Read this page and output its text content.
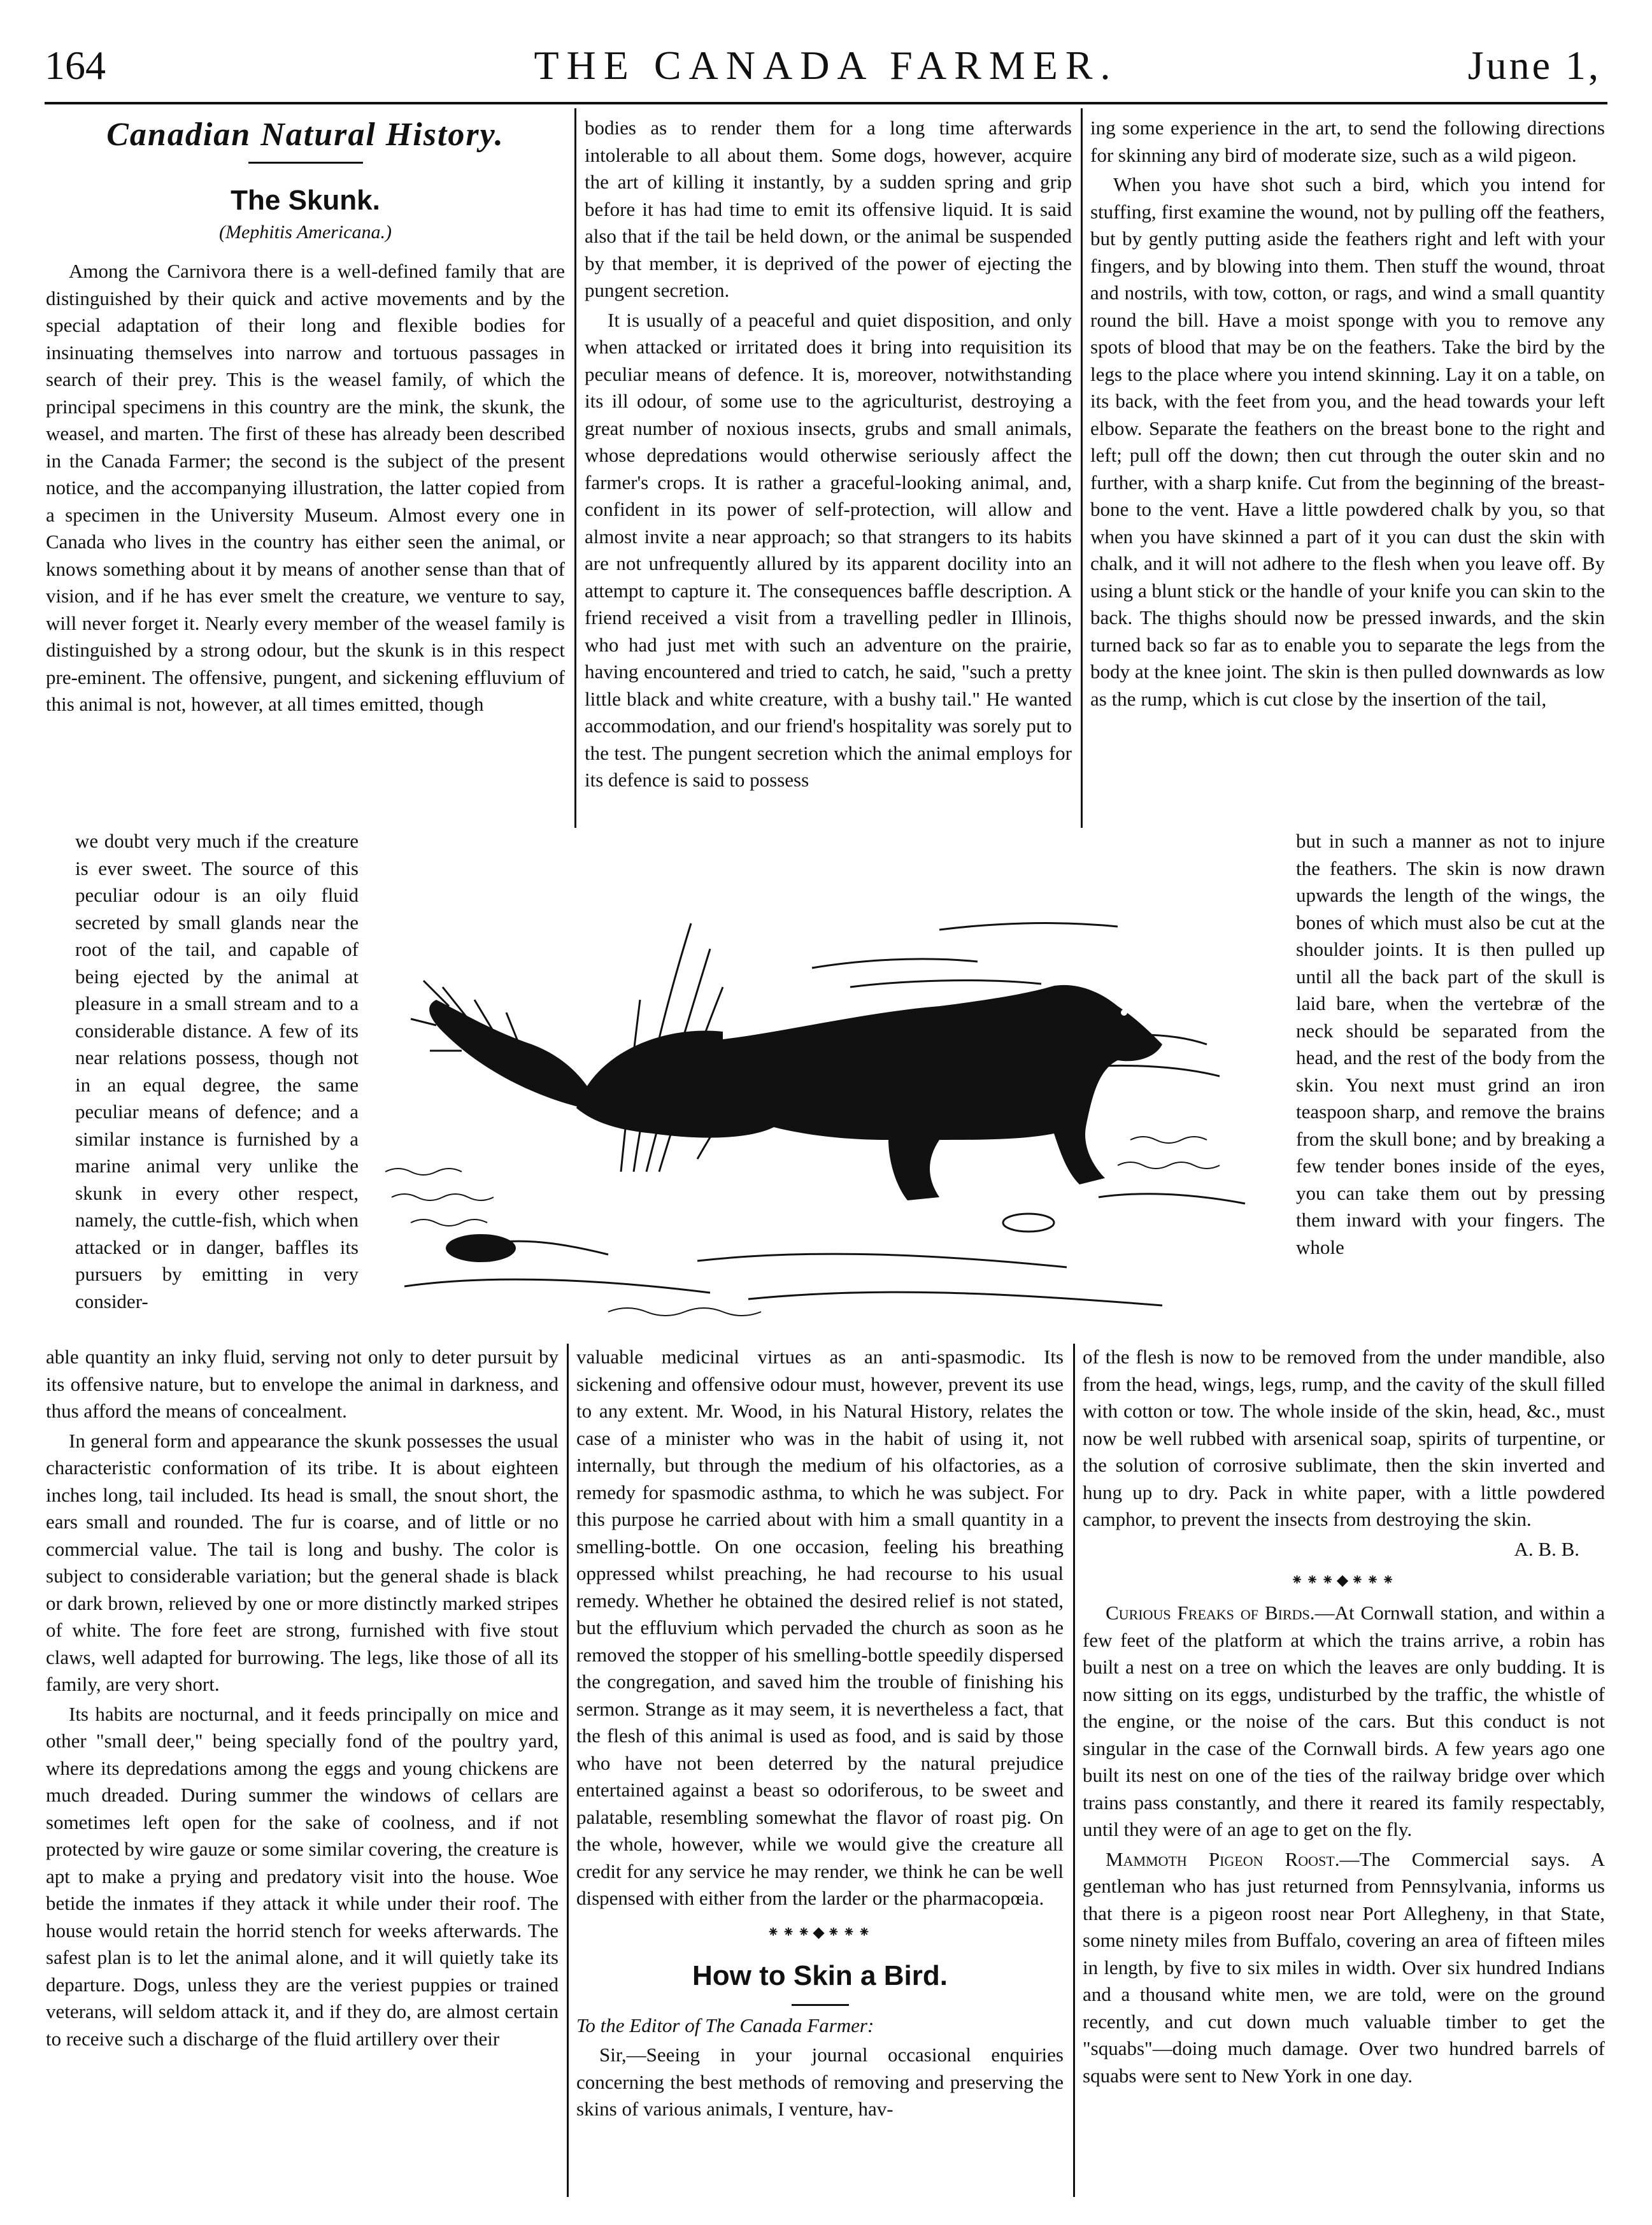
164	THE CANADA FARMER.	June 1,
Canadian Natural History.
The Skunk.
(Mephitis Americana.)

Among the Carnivora there is a well-defined family that are distinguished by their quick and active movements and by the special adaptation of their long and flexible bodies for insinuating themselves into narrow and tortuous passages in search of their prey. This is the weasel family, of which the principal specimens in this country are the mink, the skunk, the weasel, and marten. The first of these has already been described in the Canada Farmer; the second is the subject of the present notice, and the accompanying illustration, the latter copied from a specimen in the University Museum. Almost every one in Canada who lives in the country has either seen the animal, or knows something about it by means of another sense than that of vision, and if he has ever smelt the creature, we venture to say, will never forget it. Nearly every member of the weasel family is distinguished by a strong odour, but the skunk is in this respect pre-eminent. The offensive, pungent, and sickening effluvium of this animal is not, however, at all times emitted, though

bodies as to render them for a long time afterwards intolerable to all about them. Some dogs, however, acquire the art of killing it instantly, by a sudden spring and grip before it has had time to emit its offensive liquid. It is said also that if the tail be held down, or the animal be suspended by that member, it is deprived of the power of ejecting the pungent secretion.

It is usually of a peaceful and quiet disposition, and only when attacked or irritated does it bring into requisition its peculiar means of defence. It is, moreover, notwithstanding its ill odour, of some use to the agriculturist, destroying a great number of noxious insects, grubs and small animals, whose depredations would otherwise seriously affect the farmer's crops. It is rather a graceful-looking animal, and, confident in its power of self-protection, will allow and almost invite a near approach; so that strangers to its habits are not unfrequently allured by its apparent docility into an attempt to capture it. The consequences baffle description. A friend received a visit from a travelling pedler in Illinois, who had just met with such an adventure on the prairie, having encountered and tried to catch, he said, "such a pretty little black and white creature, with a bushy tail." He wanted accommodation, and our friend's hospitality was sorely put to the test. The pungent secretion which the animal employs for its defence is said to possess

ing some experience in the art, to send the following directions for skinning any bird of moderate size, such as a wild pigeon.

When you have shot such a bird, which you intend for stuffing, first examine the wound, not by pulling off the feathers, but by gently putting aside the feathers right and left with your fingers, and by blowing into them. Then stuff the wound, throat and nostrils, with tow, cotton, or rags, and wind a small quantity round the bill. Have a moist sponge with you to remove any spots of blood that may be on the feathers. Take the bird by the legs to the place where you intend skinning. Lay it on a table, on its back, with the feet from you, and the head towards your left elbow. Separate the feathers on the breast bone to the right and left; pull off the down; then cut through the outer skin and no further, with a sharp knife. Cut from the beginning of the breast-bone to the vent. Have a little powdered chalk by you, so that when you have skinned a part of it you can dust the skin with chalk, and it will not adhere to the flesh when you leave off. By using a blunt stick or the handle of your knife you can skin to the back. The thighs should now be pressed inwards, and the skin turned back so far as to enable you to separate the legs from the body at the knee joint. The skin is then pulled downwards as low as the rump, which is cut close by the insertion of the tail,

we doubt very much if the creature is ever sweet. The source of this peculiar odour is an oily fluid secreted by small glands near the root of the tail, and capable of being ejected by the animal at pleasure in a small stream and to a considerable distance. A few of its near relations possess, though not in an equal degree, the same peculiar means of defence; and a similar instance is furnished by a marine animal very unlike the skunk in every other respect, namely, the cuttle-fish, which when attacked or in danger, baffles its pursuers by emitting in very consider-

but in such a manner as not to injure the feathers. The skin is now drawn upwards the length of the wings, the bones of which must also be cut at the shoulder joints. It is then pulled up until all the back part of the skull is laid bare, when the vertebræ of the neck should be separated from the head, and the rest of the body from the skin. You next must grind an iron teaspoon sharp, and remove the brains from the skull bone; and by breaking a few tender bones inside of the eyes, you can take them out by pressing them inward with your fingers. The whole

able quantity an inky fluid, serving not only to deter pursuit by its offensive nature, but to envelope the animal in darkness, and thus afford the means of concealment.

In general form and appearance the skunk possesses the usual characteristic conformation of its tribe. It is about eighteen inches long, tail included. Its head is small, the snout short, the ears small and rounded. The fur is coarse, and of little or no commercial value. The tail is long and bushy. The color is subject to considerable variation; but the general shade is black or dark brown, relieved by one or more distinctly marked stripes of white. The fore feet are strong, furnished with five stout claws, well adapted for burrowing. The legs, like those of all its family, are very short.

Its habits are nocturnal, and it feeds principally on mice and other "small deer," being specially fond of the poultry yard, where its depredations among the eggs and young chickens are much dreaded. During summer the windows of cellars are sometimes left open for the sake of coolness, and if not protected by wire gauze or some similar covering, the creature is apt to make a prying and predatory visit into the house. Woe betide the inmates if they attack it while under their roof. The house would retain the horrid stench for weeks afterwards. The safest plan is to let the animal alone, and it will quietly take its departure. Dogs, unless they are the veriest puppies or trained veterans, will seldom attack it, and if they do, are almost certain to receive such a discharge of the fluid artillery over their

valuable medicinal virtues as an anti-spasmodic. Its sickening and offensive odour must, however, prevent its use to any extent. Mr. Wood, in his Natural History, relates the case of a minister who was in the habit of using it, not internally, but through the medium of his olfactories, as a remedy for spasmodic asthma, to which he was subject. For this purpose he carried about with him a small quantity in a smelling-bottle. On one occasion, feeling his breathing oppressed whilst preaching, he had recourse to his usual remedy. Whether he obtained the desired relief is not stated, but the effluvium which pervaded the church as soon as he removed the stopper of his smelling-bottle speedily dispersed the congregation, and saved him the trouble of finishing his sermon. Strange as it may seem, it is nevertheless a fact, that the flesh of this animal is used as food, and is said by those who have not been deterred by the natural prejudice entertained against a beast so odoriferous, to be sweet and palatable, resembling somewhat the flavor of roast pig. On the whole, however, while we would give the creature all credit for any service he may render, we think he can be well dispensed with either from the larder or the pharmacopœia.

⁕⁕⁕◆⁕⁕⁕
How to Skin a Bird.

To the Editor of The Canada Farmer:

Sir,—Seeing in your journal occasional enquiries concerning the best methods of removing and preserving the skins of various animals, I venture, hav-

of the flesh is now to be removed from the under mandible, also from the head, wings, legs, rump, and the cavity of the skull filled with cotton or tow. The whole inside of the skin, head, &c., must now be well rubbed with arsenical soap, spirits of turpentine, or the solution of corrosive sublimate, then the skin inverted and hung up to dry. Pack in white paper, with a little powdered camphor, to prevent the insects from destroying the skin.

A. B. B.

⁕⁕⁕◆⁕⁕⁕

Curious Freaks of Birds.—At Cornwall station, and within a few feet of the platform at which the trains arrive, a robin has built a nest on a tree on which the leaves are only budding. It is now sitting on its eggs, undisturbed by the traffic, the whistle of the engine, or the noise of the cars. But this conduct is not singular in the case of the Cornwall birds. A few years ago one built its nest on one of the ties of the railway bridge over which trains pass constantly, and there it reared its family respectably, until they were of an age to get on the fly.

Mammoth Pigeon Roost.—The Commercial says. A gentleman who has just returned from Pennsylvania, informs us that there is a pigeon roost near Port Allegheny, in that State, some ninety miles from Buffalo, covering an area of fifteen miles in length, by five to six miles in width. Over six hundred Indians and a thousand white men, we are told, were on the ground recently, and cut down much valuable timber to get the "squabs"—doing much damage. Over two hundred barrels of squabs were sent to New York in one day.
